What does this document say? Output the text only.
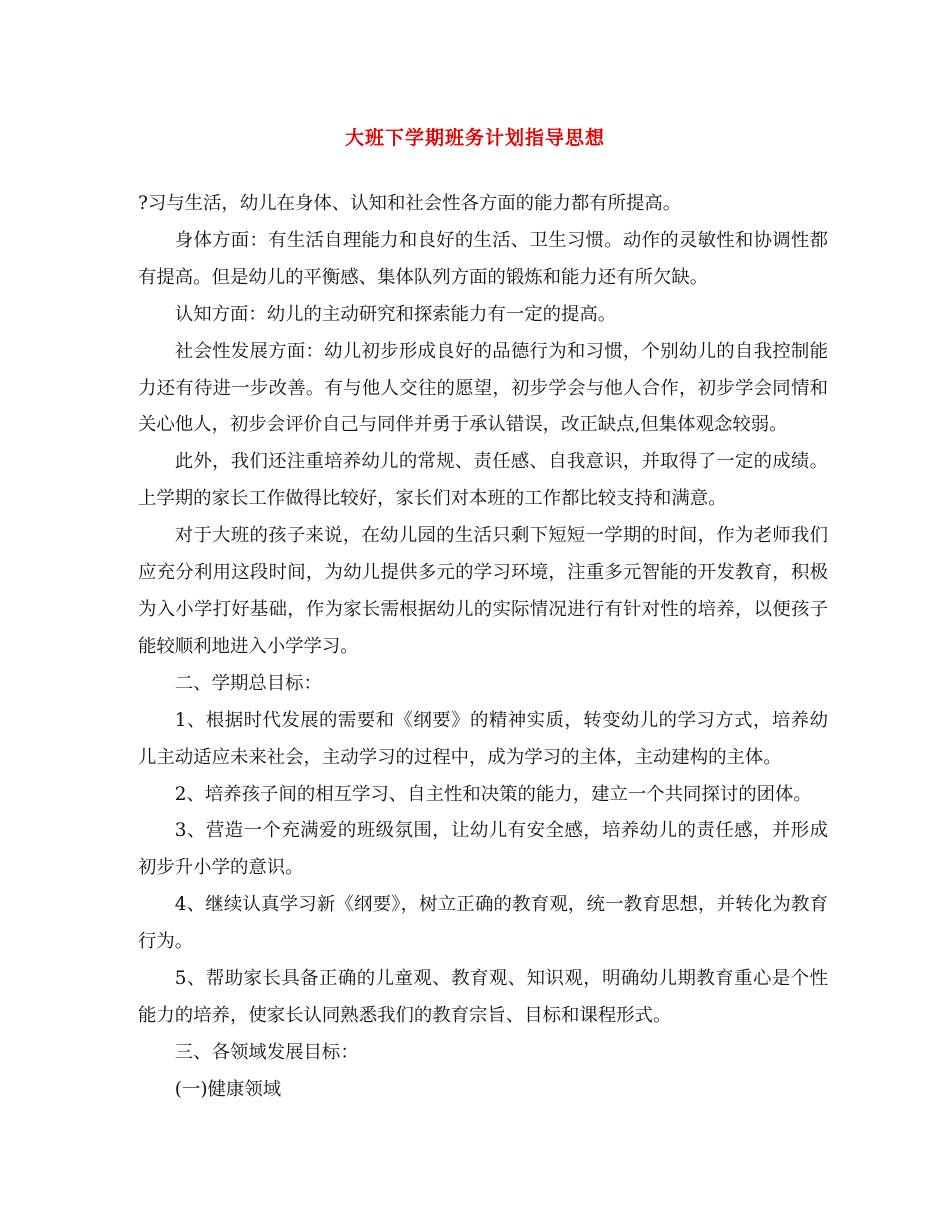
大班下学期班务计划指导思想

?习与生活，幼儿在身体、认知和社会性各方面的能力都有所提高。

身体方面：有生活自理能力和良好的生活、卫生习惯。动作的灵敏性和协调性都有提高。但是幼儿的平衡感、集体队列方面的锻炼和能力还有所欠缺。

认知方面：幼儿的主动研究和探索能力有一定的提高。

社会性发展方面：幼儿初步形成良好的品德行为和习惯，个别幼儿的自我控制能力还有待进一步改善。有与他人交往的愿望，初步学会与他人合作，初步学会同情和关心他人，初步会评价自己与同伴并勇于承认错误，改正缺点,但集体观念较弱。

此外，我们还注重培养幼儿的常规、责任感、自我意识，并取得了一定的成绩。上学期的家长工作做得比较好，家长们对本班的工作都比较支持和满意。

对于大班的孩子来说，在幼儿园的生活只剩下短短一学期的时间，作为老师我们应充分利用这段时间，为幼儿提供多元的学习环境，注重多元智能的开发教育，积极为入小学打好基础，作为家长需根据幼儿的实际情况进行有针对性的培养，以便孩子能较顺利地进入小学学习。

二、学期总目标：

1、根据时代发展的需要和《纲要》的精神实质，转变幼儿的学习方式，培养幼儿主动适应未来社会，主动学习的过程中，成为学习的主体，主动建构的主体。

2、培养孩子间的相互学习、自主性和决策的能力，建立一个共同探讨的团体。

3、营造一个充满爱的班级氛围，让幼儿有安全感，培养幼儿的责任感，并形成初步升小学的意识。

4、继续认真学习新《纲要》，树立正确的教育观，统一教育思想，并转化为教育行为。

5、帮助家长具备正确的儿童观、教育观、知识观，明确幼儿期教育重心是个性能力的培养，使家长认同熟悉我们的教育宗旨、目标和课程形式。

三、各领域发展目标：

(一)健康领域
